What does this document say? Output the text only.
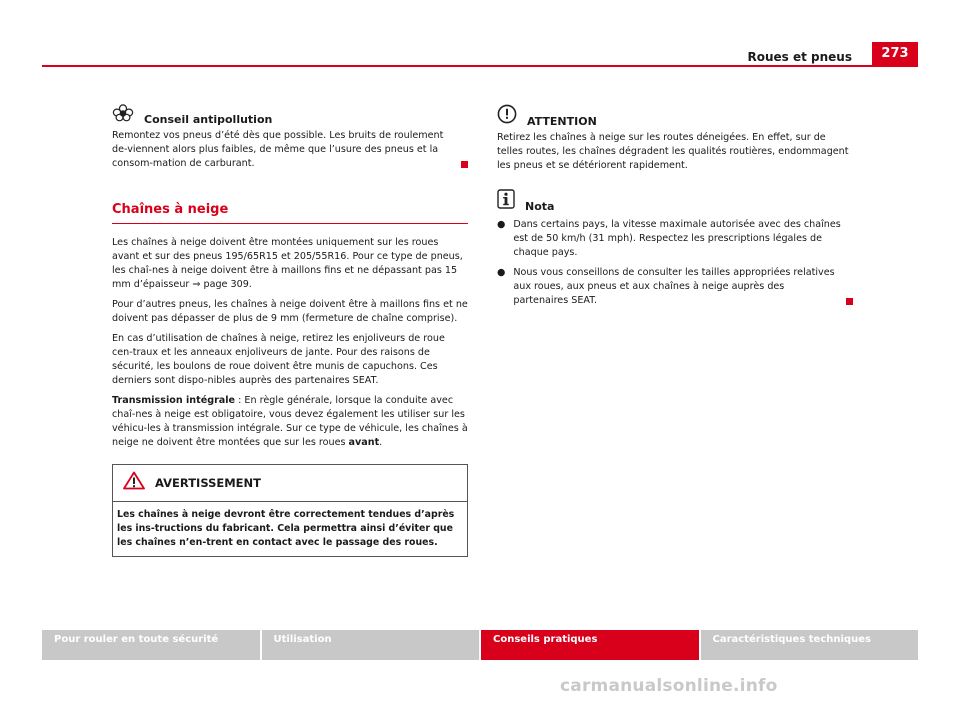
Roues et pneus	273
Conseil antipollution

Remontez vos pneus d’été dès que possible. Les bruits de roulement de-viennent alors plus faibles, de même que l’usure des pneus et la consom-mation de carburant.

Chaînes à neige

Les chaînes à neige doivent être montées uniquement sur les roues avant et sur des pneus 195/65R15 et 205/55R16. Pour ce type de pneus, les chaî-nes à neige doivent être à maillons fins et ne dépassant pas 15 mm d’épaisseur ⇒ page 309.

Pour d’autres pneus, les chaînes à neige doivent être à maillons fins et ne doivent pas dépasser de plus de 9 mm (fermeture de chaîne comprise).

En cas d’utilisation de chaînes à neige, retirez les enjoliveurs de roue cen-traux et les anneaux enjoliveurs de jante. Pour des raisons de sécurité, les boulons de roue doivent être munis de capuchons. Ces derniers sont dispo-nibles auprès des partenaires SEAT.

Transmission intégrale : En règle générale, lorsque la conduite avec chaî-nes à neige est obligatoire, vous devez également les utiliser sur les véhicu-les à transmission intégrale. Sur ce type de véhicule, les chaînes à neige ne doivent être montées que sur les roues avant.

AVERTISSEMENT
Les chaînes à neige devront être correctement tendues d’après les ins-tructions du fabricant. Cela permettra ainsi d’éviter que les chaînes n’en-trent en contact avec le passage des roues.
ATTENTION

Retirez les chaînes à neige sur les routes déneigées. En effet, sur de telles routes, les chaînes dégradent les qualités routières, endommagent les pneus et se détériorent rapidement.

Nota
● Dans certains pays, la vitesse maximale autorisée avec des chaînes est de 50 km/h (31 mph). Respectez les prescriptions légales de chaque pays.
● Nous vous conseillons de consulter les tailles appropriées relatives aux roues, aux pneus et aux chaînes à neige auprès des partenaires SEAT.
Pour rouler en toute sécurité	Utilisation	Conseils pratiques	Caractéristiques techniques
carmanualsonline.info
